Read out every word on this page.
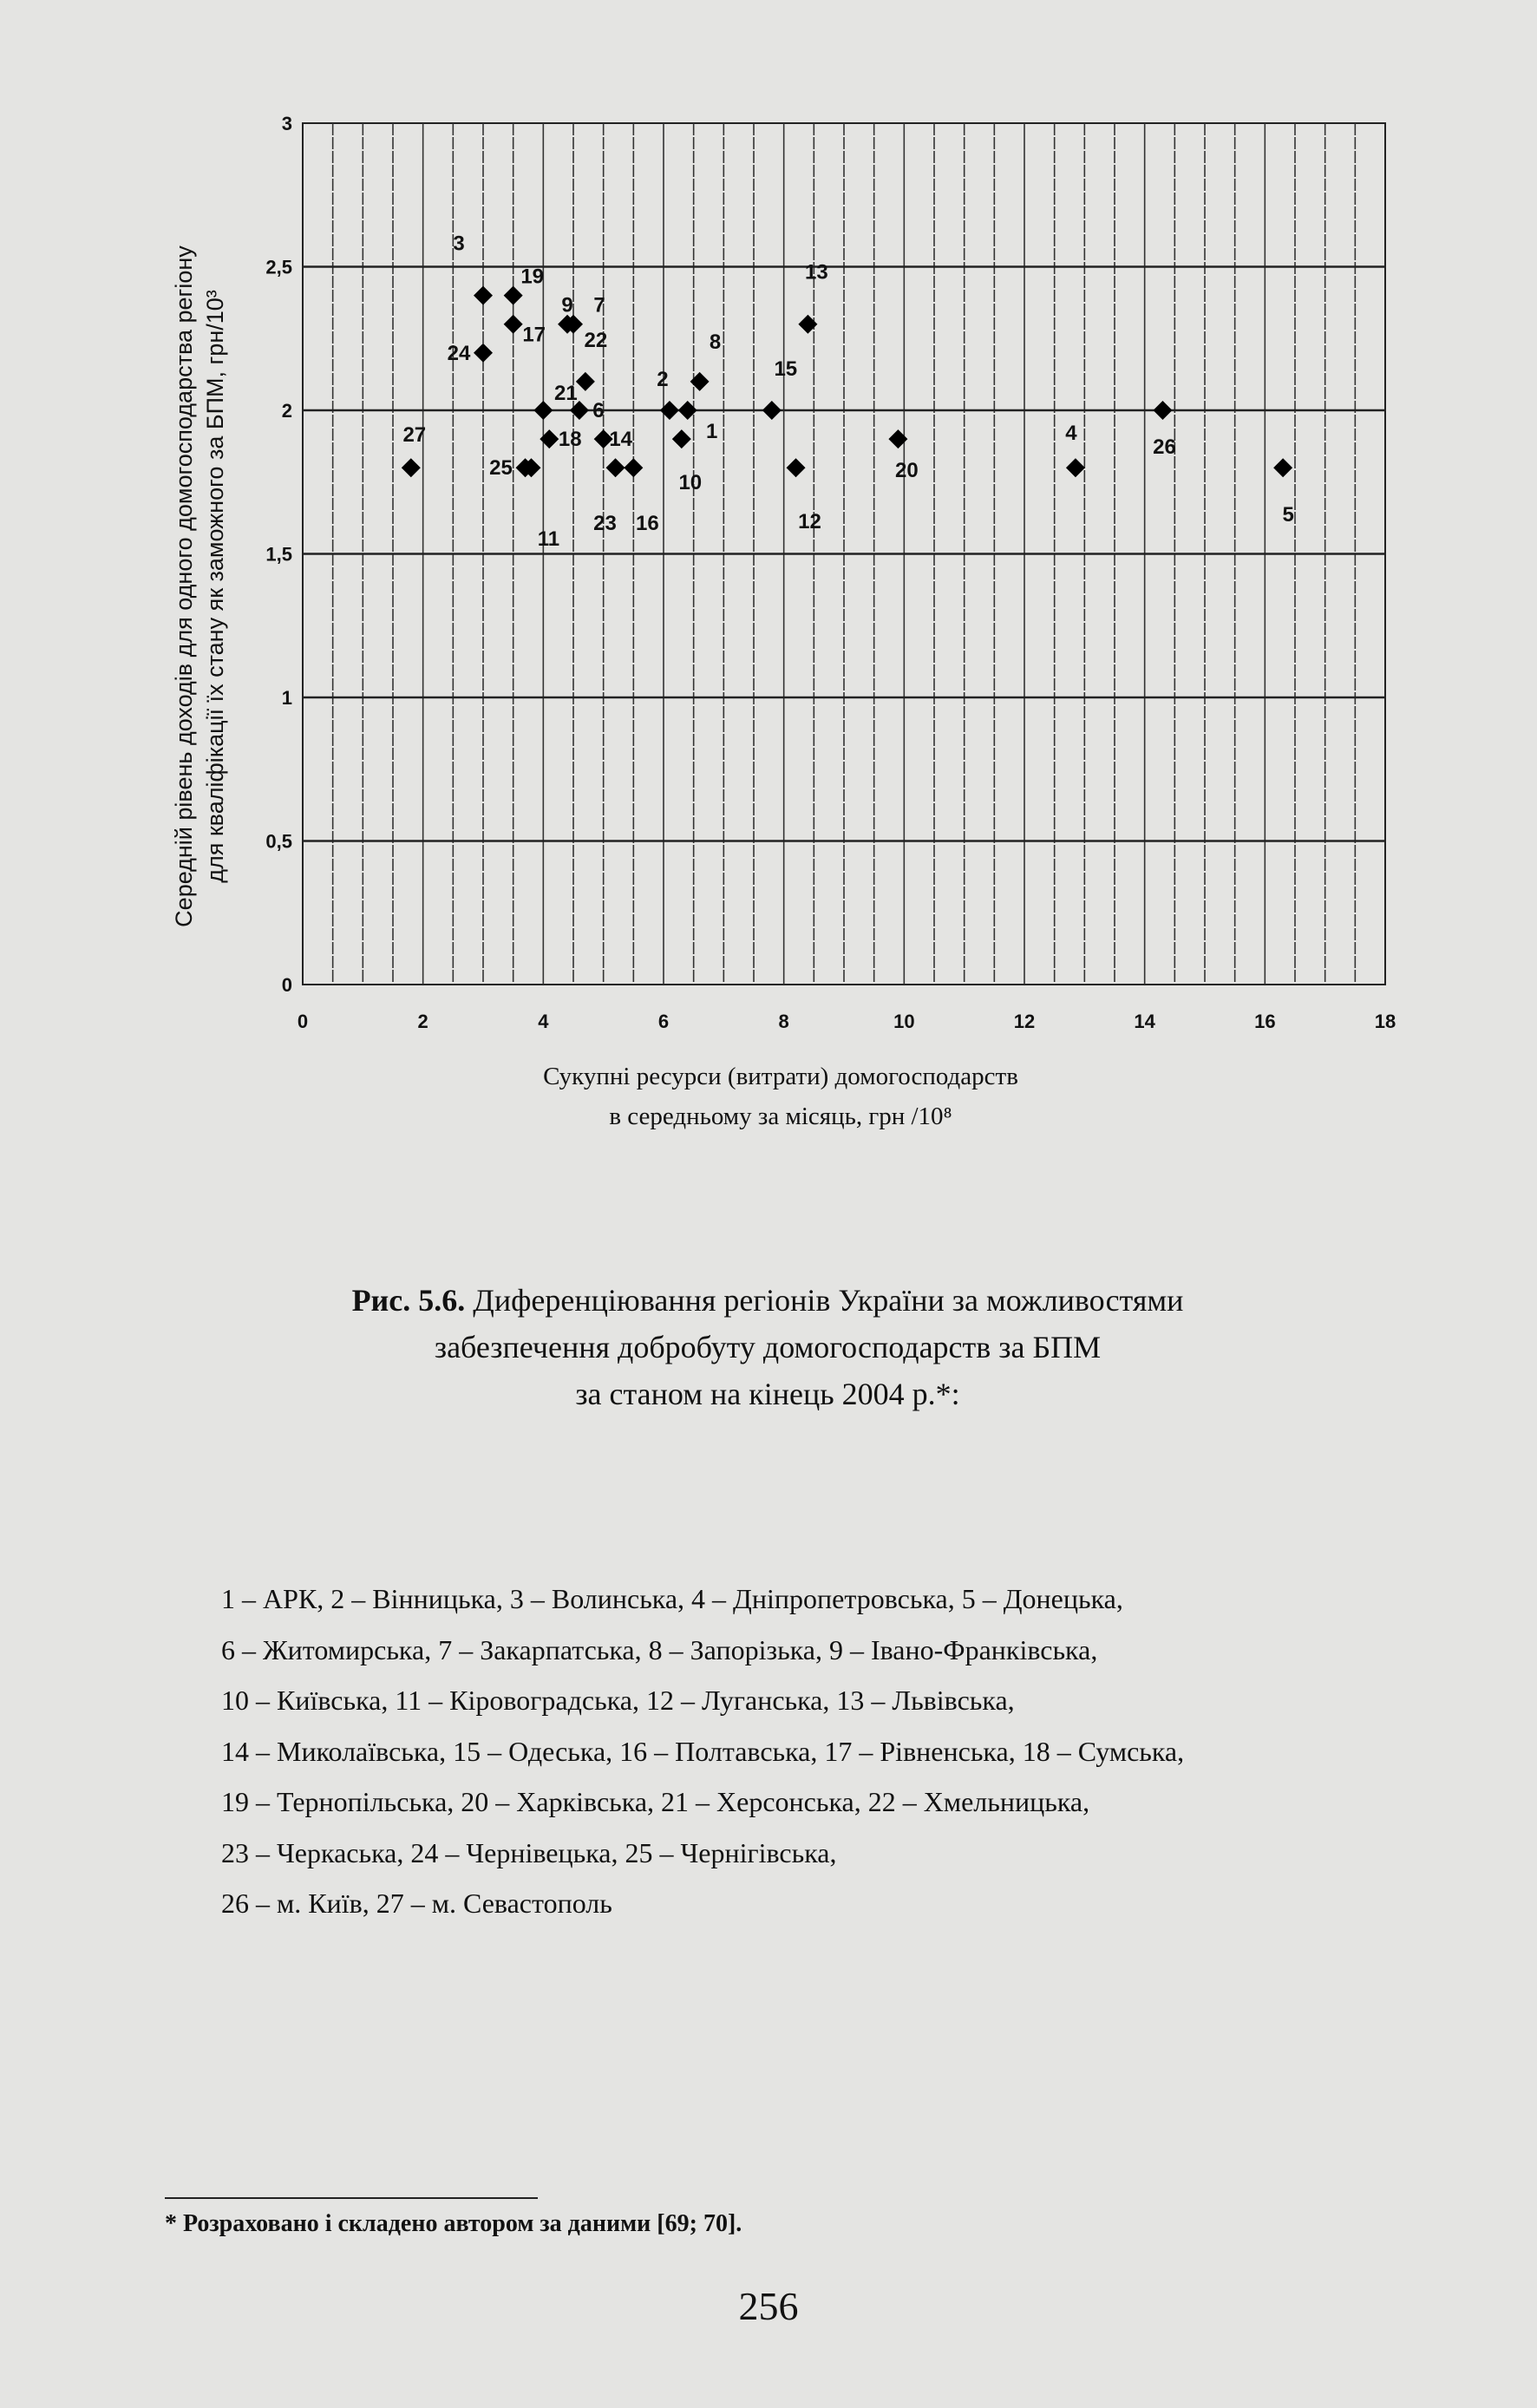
0	2	4	6	8	10	12	14	16	18
0
0,5
1
1,5
2
2,5
3
1
2
3
4
5
6
7
8
9
10
11
12
13
14
15
16
17
18
19
20
21
22
23
24
25
26
27
Середній рівень доходів для одного домогосподарства регіону для кваліфікації їх стану як заможного за БПМ, грн/10³
Сукупні ресурси (витрати) домогосподарств
в середньому за місяць, грн /10⁸
Рис. 5.6. Диференціювання регіонів України за можливостями
забезпечення добробуту домогосподарств за БПМ
за станом на кінець 2004 р.*:
1 – АРК, 2 – Вінницька, 3 – Волинська, 4 – Дніпропетровська, 5 – Донецька,
6 – Житомирська, 7 – Закарпатська, 8 – Запорізька, 9 – Івано-Франківська,
10 – Київська, 11 – Кіровоградська, 12 – Луганська, 13 – Львівська,
14 – Миколаївська, 15 – Одеська, 16 – Полтавська, 17 – Рівненська, 18 – Сумська,
19 – Тернопільська, 20 – Харківська, 21 – Херсонська, 22 – Хмельницька,
23 – Черкаська, 24 – Чернівецька, 25 – Чернігівська,
26 – м. Київ, 27 – м. Севастополь
* Розраховано і складено автором за даними [69; 70].
256
